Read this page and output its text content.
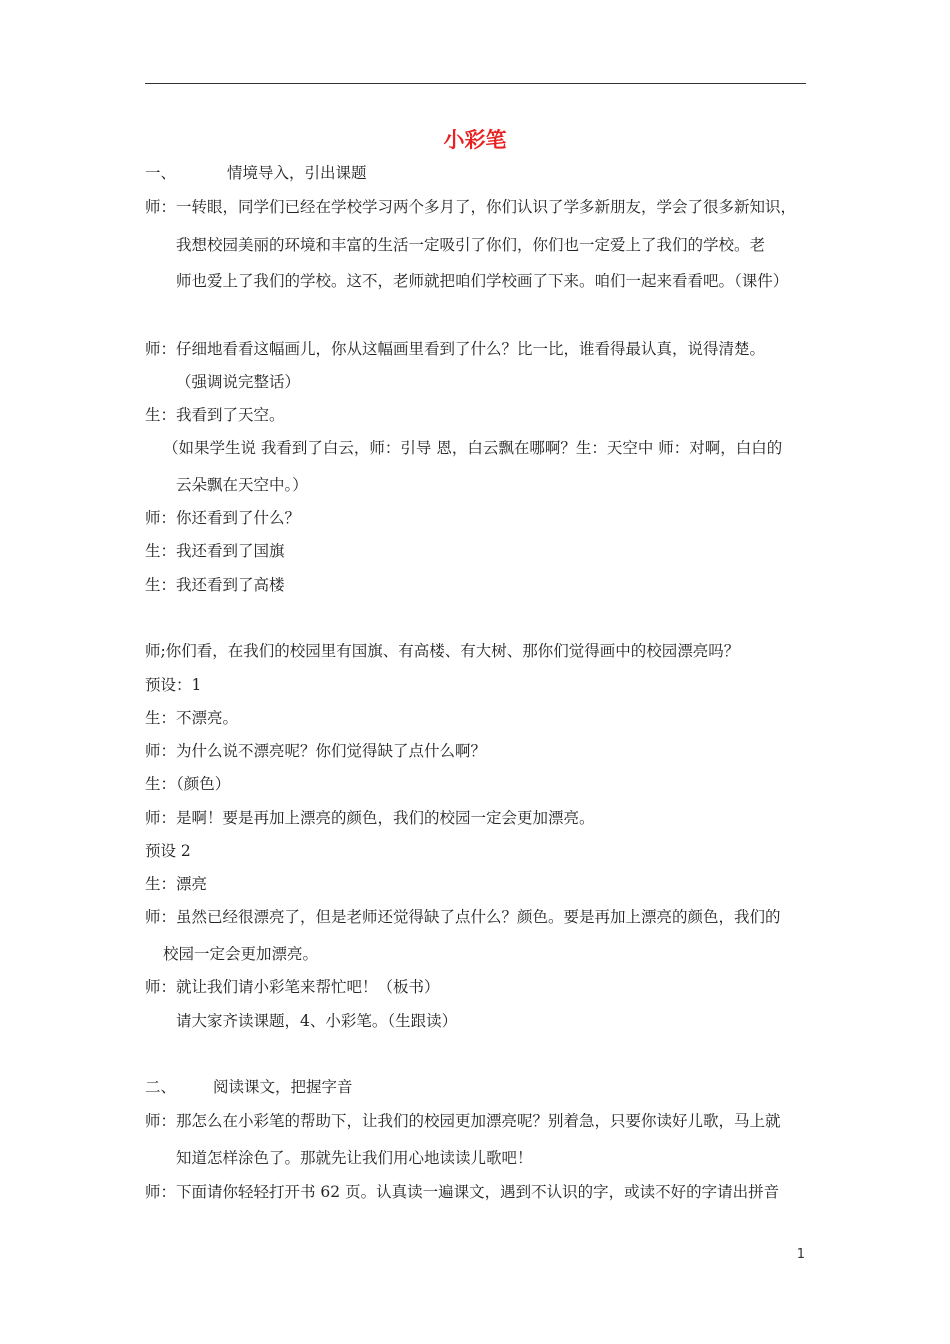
小彩笔
一、	情境导入，引出课题
师：一转眼，同学们已经在学校学习两个多月了，你们认识了学多新朋友，学会了很多新知识，
我想校园美丽的环境和丰富的生活一定吸引了你们，你们也一定爱上了我们的学校。老
师也爱上了我们的学校。这不，老师就把咱们学校画了下来。咱们一起来看看吧。（课件）
师：仔细地看看这幅画儿，你从这幅画里看到了什么？比一比，谁看得最认真，说得清楚。
（强调说完整话）
生：我看到了天空。
（如果学生说 我看到了白云，师：引导 恩，白云飘在哪啊？生：天空中 师：对啊，白白的
云朵飘在天空中。）
师：你还看到了什么？
生：我还看到了国旗
生：我还看到了高楼
师;你们看，在我们的校园里有国旗、有高楼、有大树、那你们觉得画中的校园漂亮吗？
预设：1
生：不漂亮。
师：为什么说不漂亮呢？你们觉得缺了点什么啊？
生：（颜色）
师：是啊！要是再加上漂亮的颜色，我们的校园一定会更加漂亮。
预设 2
生：漂亮
师：虽然已经很漂亮了，但是老师还觉得缺了点什么？颜色。要是再加上漂亮的颜色，我们的
校园一定会更加漂亮。
师：就让我们请小彩笔来帮忙吧！（板书）
请大家齐读课题，4、小彩笔。（生跟读）
二、 阅读课文，把握字音
师：那怎么在小彩笔的帮助下，让我们的校园更加漂亮呢？别着急，只要你读好儿歌，马上就
知道怎样涂色了。那就先让我们用心地读读儿歌吧！
师：下面请你轻轻打开书 62 页。认真读一遍课文，遇到不认识的字，或读不好的字请出拼音
1
